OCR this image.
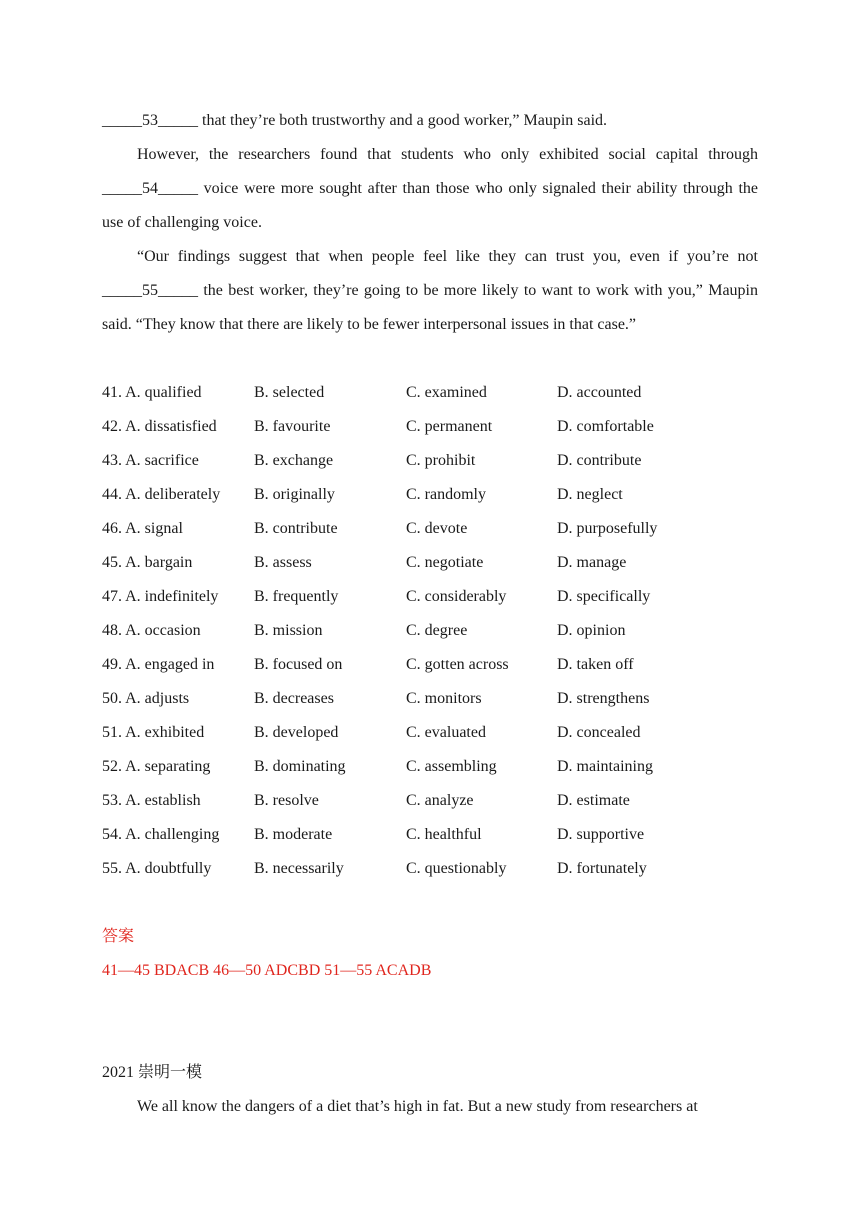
_____53_____ that they’re both trustworthy and a good worker,” Maupin said.

However, the researchers found that students who only exhibited social capital through _____54_____ voice were more sought after than those who only signaled their ability through the use of challenging voice.

“Our findings suggest that when people feel like they can trust you, even if you’re not _____55_____ the best worker, they’re going to be more likely to want to work with you,” Maupin said. “They know that there are likely to be fewer interpersonal issues in that case.”

41. A. qualified	B. selected	C. examined	D. accounted
42. A. dissatisfied	B. favourite	C. permanent	D. comfortable
43. A. sacrifice	B. exchange	C. prohibit	D. contribute
44. A. deliberately	B. originally	C. randomly	D. neglect
46. A. signal	B. contribute	C. devote	D. purposefully
45. A. bargain	B. assess	C. negotiate	D. manage
47. A. indefinitely	B. frequently	C. considerably	D. specifically
48. A. occasion	B. mission	C. degree	D. opinion
49. A. engaged in	B. focused on	C. gotten across	D. taken off
50. A. adjusts	B. decreases	C. monitors	D. strengthens
51. A. exhibited	B. developed	C. evaluated	D. concealed
52. A. separating	B. dominating	C. assembling	D. maintaining
53. A. establish	B. resolve	C. analyze	D. estimate
54. A. challenging	B. moderate	C. healthful	D. supportive
55. A. doubtfully	B. necessarily	C. questionably	D. fortunately

答案

41—45 BDACB 46—50 ADCBD 51—55 ACADB

2021 崇明一模

We all know the dangers of a diet that’s high in fat. But a new study from researchers at
